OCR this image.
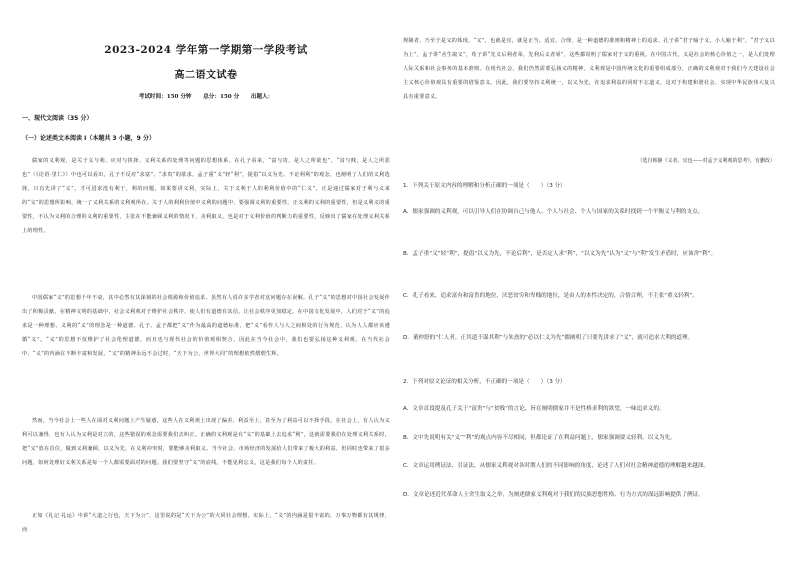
2023-2024 学年第一学期第一学段考试
高二语文试卷
考试时间：150 分钟      总分：150 分      出题人：
一、现代文阅读（35 分）
（一）论述类文本阅读 I（本题共 3 小题，9 分）
儒家的义利观，是关于义与利、应对与抉择、义利关系的处理等问题的思想体系。在孔子看来，“富与贵，是人之所欲也”，“贫与贱，是人之所恶也”（《论语·里仁》）中也可以看出，孔子不反对“求富”、“求贵”的欲求。孟子重“义”轻“利”，提倡“以义为先、不论利利”的观念，也阐明了人们的义利选择，只有先讲了“义”，才可进求没有利于，利的问题。如果要讲义利，实际上，关于义利于人的利利价值中的“仁义”，正是通过儒家对于利与义来的“义”的思想所影响，统一了义利关系的义利观所在。关于人的利利价值中义利的问题中，要强调义利的重要性，正义利的义利的重要性，但是义利义的重要性，不认为义利的合理的义利的重要性，主张在不能兼顾义利的情况下，舍利取义，也是对于义利价值的判断力的重要性，反映出了儒家在处理义利关系上的理性。
中国儒家“义”的思想千年不衰，其中必然有其深刻的社会根源和价值追求。虽然有人说许多学者对这问题存在误解。孔子“义”的思想对中国社会发展作出了积极贡献，在精神文明的基础中，社会义利观对于维护社会秩序、使人们有道德有其信，让社会秩序更加稳定。在中国文化发展中，人们对于“义”的追求是一种理想，义利的“义”的理念是一种道德。孔子、孟子都把“义”作为最高的道德标准，把“义”看作人与人之间相处的行为规范，认为人人都应该遵循“义”。“义”的思想不仅维护了社会伦理道德，而且也与现代社会的价值观相契合，因此在当今社会中，我们也要弘扬这种义利观。在当代社会中，“义”的内涵在不断丰富和发展，“义”的精神永远不会过时，“天下为公，世界大同”的理想依然熠熠生辉。
然而，当今社会上一些人在面对义利问题上产生疑惑，这些人在义利观上出现了偏差，利益至上，甚至为了利益可以不择手段。在社会上，有人认为义利可以兼得，也有人认为义利是对立的，这些错误的观念需要我们去纠正。正确的义利观是在“义”的基础上去追求“利”，这就需要我们在处理义利关系时，把“义”放在首位，做到义利兼顾、以义为先，在义利冲突时，要能够舍利取义。当今社会，市场经济的发展给人们带来了极大的利益，但同时也带来了很多问题，如何处理好义利关系是每一个人都需要面对的问题。我们要坚守“义”的底线，不能见利忘义，这是我们每个人的责任。
正如《礼记·礼运》中讲“大道之行也，天下为公”，这里说的是“天下为公”的大同社会理想。实际上，“义”的内涵是很丰富的，万事万物都有其规律，而
规制者，乃至于是义的体现。“义”，也就是宜，就是正当、适宜、合理，是一种道德的准则和精神上的追求。孔子讲“君子喻于义，小人喻于利”，“君子义以为上”，孟子讲“舍生取义”，荀子讲“先义后利者荣，先利后义者辱”，这些都说明了儒家对于义的重视。在中国古代，义是社会的核心价值之一，是人们处理人际关系和社会事务的基本准则。在现代社会，我们仍然需要弘扬义的精神。义利观是中国传统文化的重要组成部分，正确的义利观对于我们今天建设社会主义核心价值观具有重要的借鉴意义。因此，我们要坚持义利统一，以义为先，在追求利益的同时不忘道义，这对于构建和谐社会、实现中华民族伟大复兴具有重要意义。
（选自韩静《义者，宜也——对孟子义利观的思考》，有删改）
1．下列关于原文内容的理解和分析正确的一项是（　　）（3 分）
A．儒家强调的义利观，可以引导人们在协调自己与他人、个人与社会、个人与国家的关系时找到一个平衡义与利的支点。
B．孟子重“义”轻“利”，提倡“以义为先，不论后利”，是否定人求“利”，“以义为先”认为“义”与“利”发生矛盾时，应该舍“利”。
C．孔子看来，追求富有和富贵的地位，厌恶贫穷和卑贱的地位，是由人的本性决定的，合情合理，不主张“重义轻利”。
D．董仲舒的“仁人者，正其道不谋其利”与朱熹的“必以仁义为先”都阐明了只要先讲求了“义”，就可追求大利的道理。
2．下列对原文论证的相关分析，不正确的一项是（　　）（3 分）
A．文章首段提及孔子关于“富贵”与“贫贱”的言论，旨在阐明儒家并不是性格求利的欲望，一味追求义的。
B．文中先说明有关“义”“利”的观点内容不尽相同，但都论证了在利益问题上，儒家强调要义轻利、以义为先。
C．文章运用例证法、引证法，从儒家义利观对各时期人们的不同影响的角度，论述了人们对社会精神道德的理解越来越深。
D．文章论述近代革命人士舍生取义之举，为阐述儒家义利观对于我们的民族思想性格、行为方式的深远影响提供了例证。
